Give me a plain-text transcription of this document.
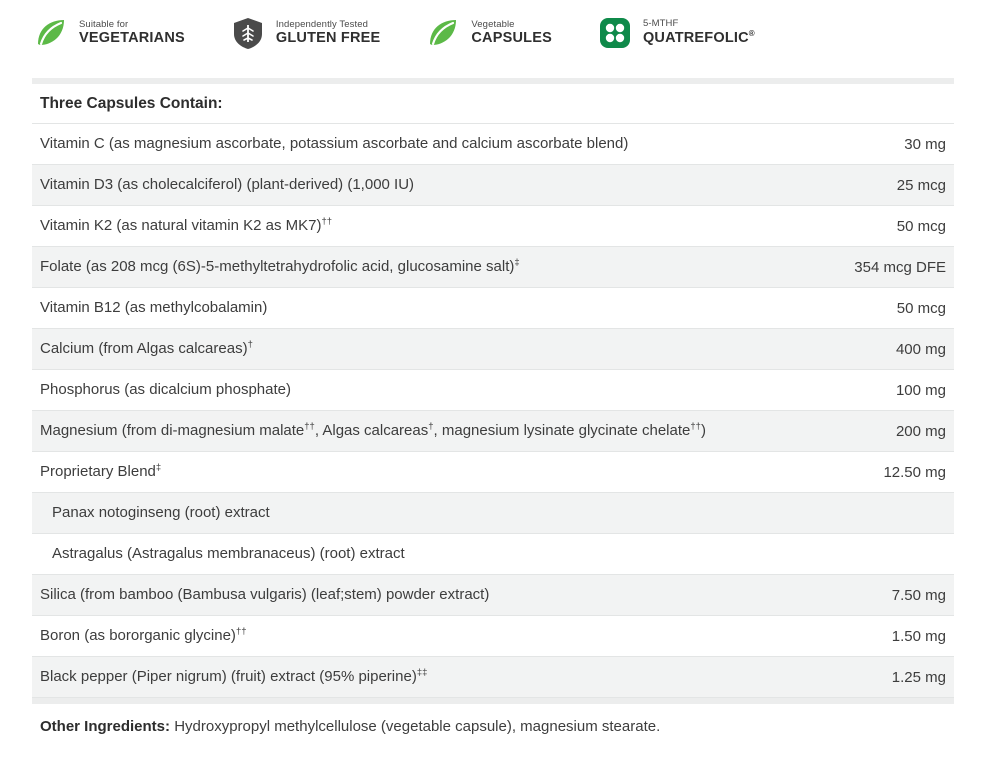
Suitable for
VEGETARIANS
Independently Tested
GLUTEN FREE
Vegetable
CAPSULES
5-MTHF
QUATREFOLIC®
Three Capsules Contain:
Vitamin C (as magnesium ascorbate, potassium ascorbate and calcium ascorbate blend)	30 mg
Vitamin D3 (as cholecalciferol) (plant-derived) (1,000 IU)	25 mcg
Vitamin K2 (as natural vitamin K2 as MK7)††	50 mcg
Folate (as 208 mcg (6S)-5-methyltetrahydrofolic acid, glucosamine salt)‡	354 mcg DFE
Vitamin B12 (as methylcobalamin)	50 mcg
Calcium (from Algas calcareas)†	400 mg
Phosphorus (as dicalcium phosphate)	100 mg
Magnesium (from di-magnesium malate††, Algas calcareas†, magnesium lysinate glycinate chelate††)	200 mg
Proprietary Blend‡	12.50 mg
Panax notoginseng (root) extract
Astragalus (Astragalus membranaceus) (root) extract
Silica (from bamboo (Bambusa vulgaris) (leaf;stem) powder extract)	7.50 mg
Boron (as bororganic glycine)††	1.50 mg
Black pepper (Piper nigrum) (fruit) extract (95% piperine)‡‡	1.25 mg
Other Ingredients: Hydroxypropyl methylcellulose (vegetable capsule), magnesium stearate.
